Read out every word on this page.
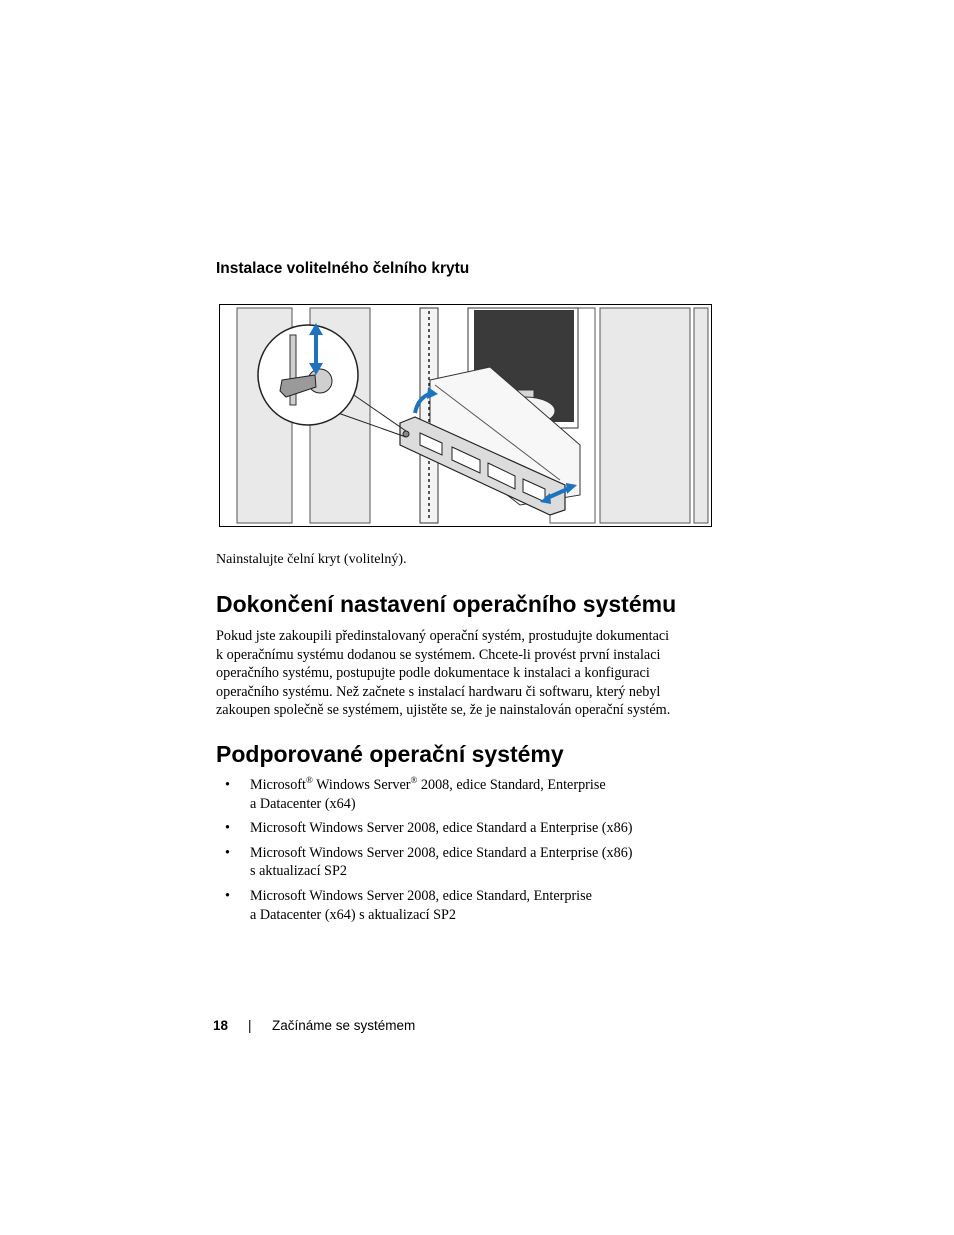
Instalace volitelného čelního krytu

Nainstalujte čelní kryt (volitelný).

Dokončení nastavení operačního systému

Pokud jste zakoupili předinstalovaný operační systém, prostudujte dokumentaci
k operačnímu systému dodanou se systémem. Chcete-li provést první instalaci
operačního systému, postupujte podle dokumentace k instalaci a konfiguraci
operačního systému. Než začnete s instalací hardwaru či softwaru, který nebyl
zakoupen společně se systémem, ujistěte se, že je nainstalován operační systém.

Podporované operační systémy
• Microsoft® Windows Server® 2008, edice Standard, Enterprise
a Datacenter (x64)
• Microsoft Windows Server 2008, edice Standard a Enterprise (x86)
• Microsoft Windows Server 2008, edice Standard a Enterprise (x86)
s aktualizací SP2
• Microsoft Windows Server 2008, edice Standard, Enterprise
a Datacenter (x64) s aktualizací SP2
18 | Začínáme se systémem
